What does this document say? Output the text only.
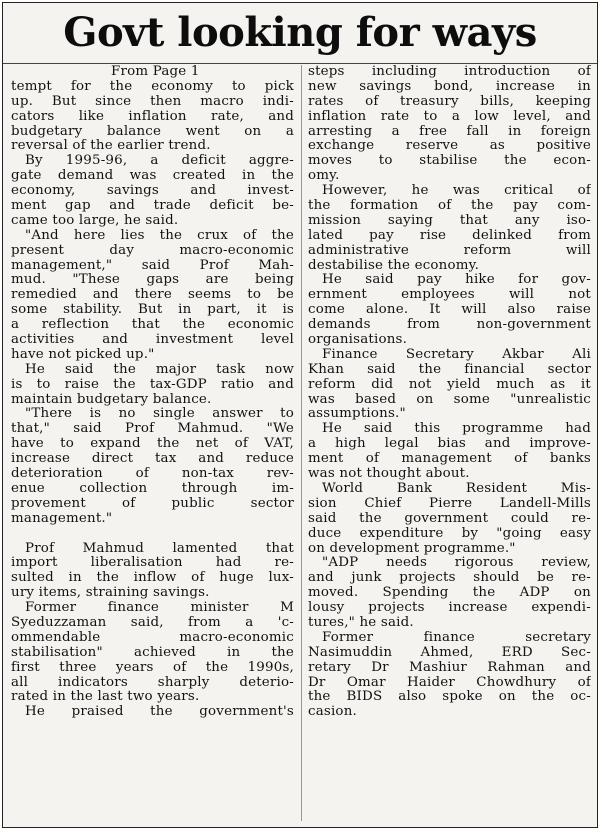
Govt looking for ways
From Page 1
tempt for the economy to pick
up. But since then macro indi-
cators like inflation rate, and
budgetary balance went on a
reversal of the earlier trend.
By 1995-96, a deficit aggre-
gate demand was created in the
economy, savings and invest-
ment gap and trade deficit be-
came too large, he said.
"And here lies the crux of the
present day macro-economic
management," said Prof Mah-
mud. "These gaps are being
remedied and there seems to be
some stability. But in part, it is
a reflection that the economic
activities and investment level
have not picked up."
He said the major task now
is to raise the tax-GDP ratio and
maintain budgetary balance.
"There is no single answer to
that," said Prof Mahmud. "We
have to expand the net of VAT,
increase direct tax and reduce
deterioration of non-tax rev-
enue collection through im-
provement of public sector
management."
Prof Mahmud lamented that
import liberalisation had re-
sulted in the inflow of huge lux-
ury items, straining savings.
Former finance minister M
Syeduzzaman said, from a 'c-
ommendable macro-economic
stabilisation" achieved in the
first three years of the 1990s,
all indicators sharply deterio-
rated in the last two years.
He praised the government's
steps including introduction of
new savings bond, increase in
rates of treasury bills, keeping
inflation rate to a low level, and
arresting a free fall in foreign
exchange reserve as positive
moves to stabilise the econ-
omy.
However, he was critical of
the formation of the pay com-
mission saying that any iso-
lated pay rise delinked from
administrative reform will
destabilise the economy.
He said pay hike for gov-
ernment employees will not
come alone. It will also raise
demands from non-government
organisations.
Finance Secretary Akbar Ali
Khan said the financial sector
reform did not yield much as it
was based on some "unrealistic
assumptions."
He said this programme had
a high legal bias and improve-
ment of management of banks
was not thought about.
World Bank Resident Mis-
sion Chief Pierre Landell-Mills
said the government could re-
duce expenditure by "going easy
on development programme."
"ADP needs rigorous review,
and junk projects should be re-
moved. Spending the ADP on
lousy projects increase expendi-
tures," he said.
Former finance secretary
Nasimuddin Ahmed, ERD Sec-
retary Dr Mashiur Rahman and
Dr Omar Haider Chowdhury of
the BIDS also spoke on the oc-
casion.
